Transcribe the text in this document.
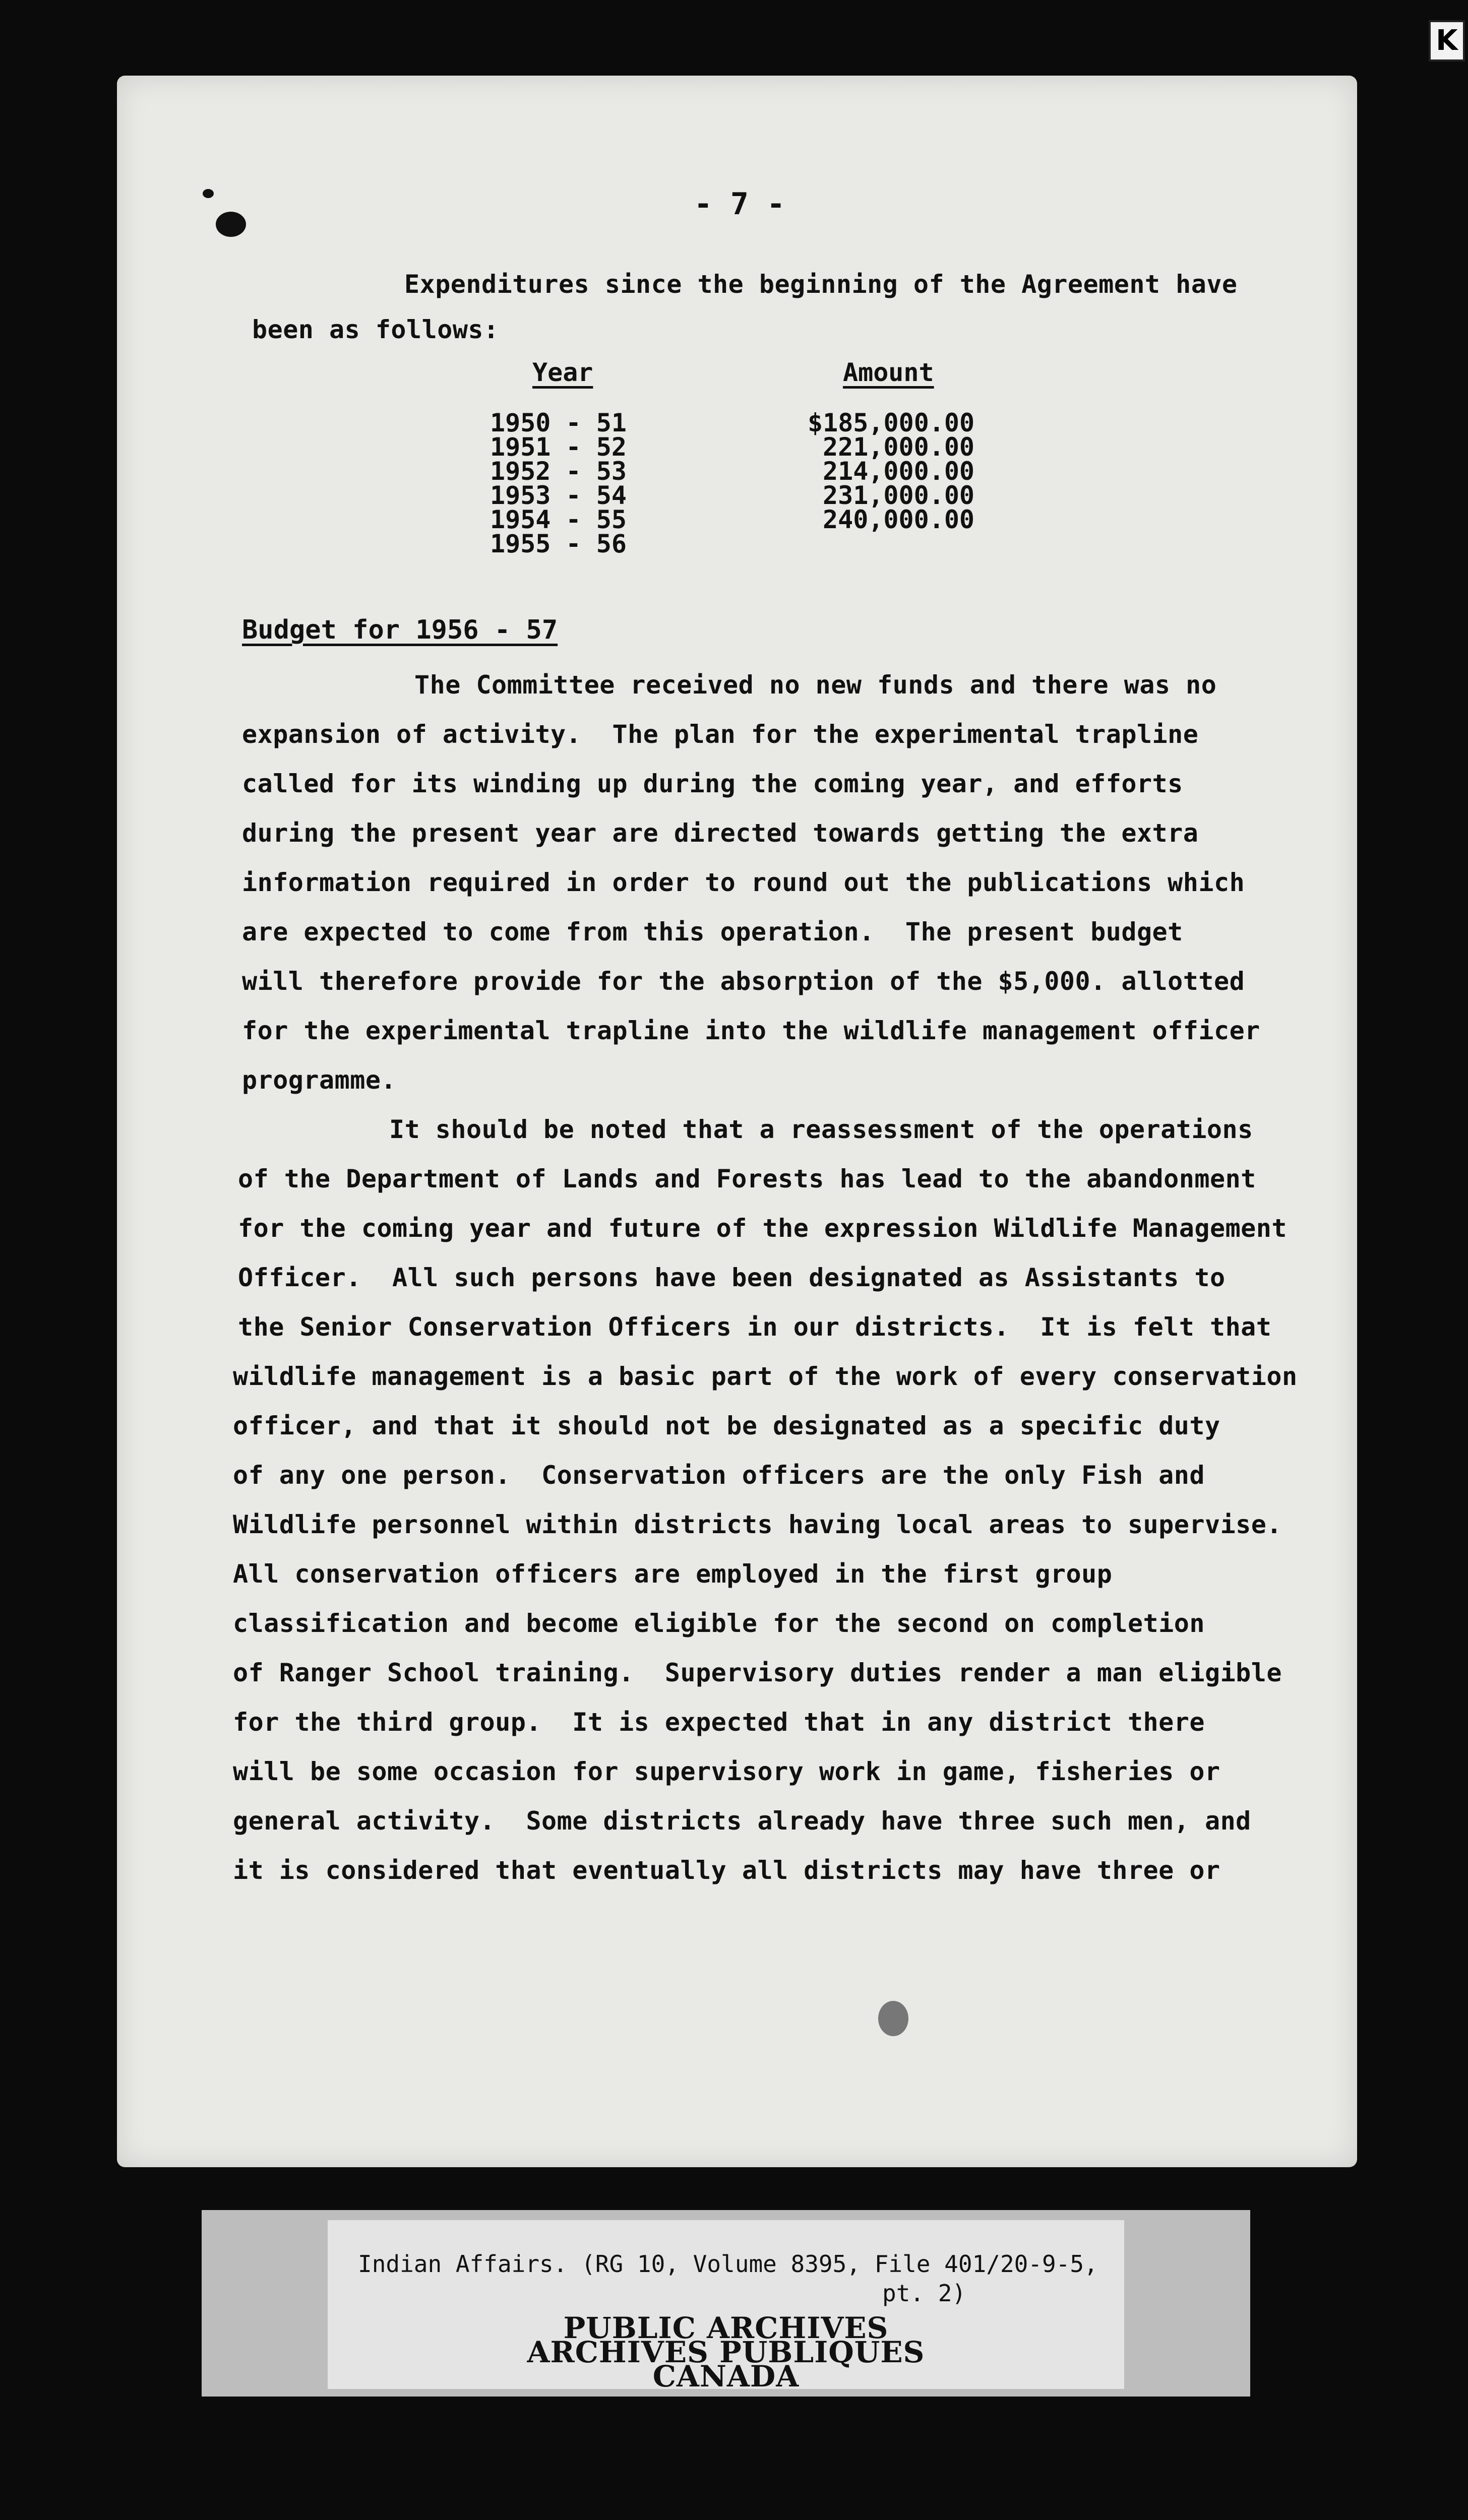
K
- 7 -
Expenditures since the beginning of the Agreement have
been as follows:
Year	Amount
1950 - 51
1951 - 52
1952 - 53
1953 - 54
1954 - 55
1955 - 56
$185,000.00
221,000.00
214,000.00
231,000.00
240,000.00
Budget for 1956 - 57
The Committee received no new funds and there was no
expansion of activity.  The plan for the experimental trapline
called for its winding up during the coming year, and efforts
during the present year are directed towards getting the extra
information required in order to round out the publications which
are expected to come from this operation.  The present budget
will therefore provide for the absorption of the $5,000. allotted
for the experimental trapline into the wildlife management officer
programme.
It should be noted that a reassessment of the operations
of the Department of Lands and Forests has lead to the abandonment
for the coming year and future of the expression Wildlife Management
Officer.  All such persons have been designated as Assistants to
the Senior Conservation Officers in our districts.  It is felt that
wildlife management is a basic part of the work of every conservation
officer, and that it should not be designated as a specific duty
of any one person.  Conservation officers are the only Fish and
Wildlife personnel within districts having local areas to supervise.
All conservation officers are employed in the first group
classification and become eligible for the second on completion
of Ranger School training.  Supervisory duties render a man eligible
for the third group.  It is expected that in any district there
will be some occasion for supervisory work in game, fisheries or
general activity.  Some districts already have three such men, and
it is considered that eventually all districts may have three or
Indian Affairs. (RG 10, Volume 8395, File 401/20-9-5,
pt. 2)
PUBLIC ARCHIVES
ARCHIVES PUBLIQUES
CANADA
